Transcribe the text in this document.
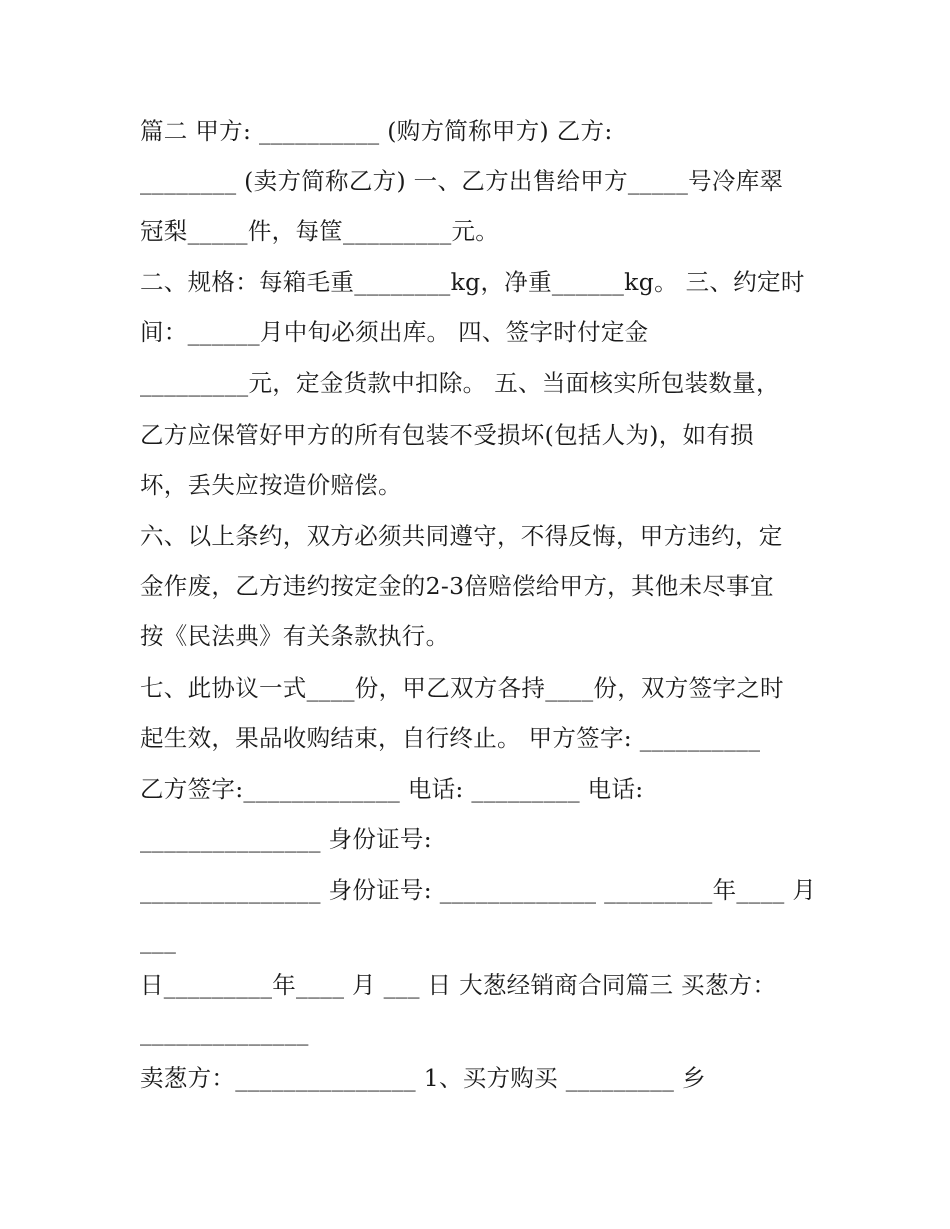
篇二 甲方: __________ (购方简称甲方) 乙方:
________ (卖方简称乙方) 一、乙方出售给甲方_____号冷库翠
冠梨_____件，每筐_________元。
二、规格：每箱毛重________kg，净重______kg。 三、约定时
间：______月中旬必须出库。 四、签字时付定金
_________元，定金货款中扣除。 五、当面核实所包装数量，
乙方应保管好甲方的所有包装不受损坏(包括人为)，如有损
坏，丢失应按造价赔偿。
六、以上条约，双方必须共同遵守，不得反悔，甲方违约，定
金作废，乙方违约按定金的2-3倍赔偿给甲方，其他未尽事宜
按《民法典》有关条款执行。
七、此协议一式____份，甲乙双方各持____份，双方签字之时
起生效，果品收购结束，自行终止。 甲方签字: __________
乙方签字:_____________ 电话: _________ 电话:
_______________ 身份证号:
_______________ 身份证号: _____________ _________年____ 月
___
日_________年____ 月 ___ 日 大葱经销商合同篇三 买葱方：
______________
卖葱方：_______________ 1、买方购买 _________ 乡
